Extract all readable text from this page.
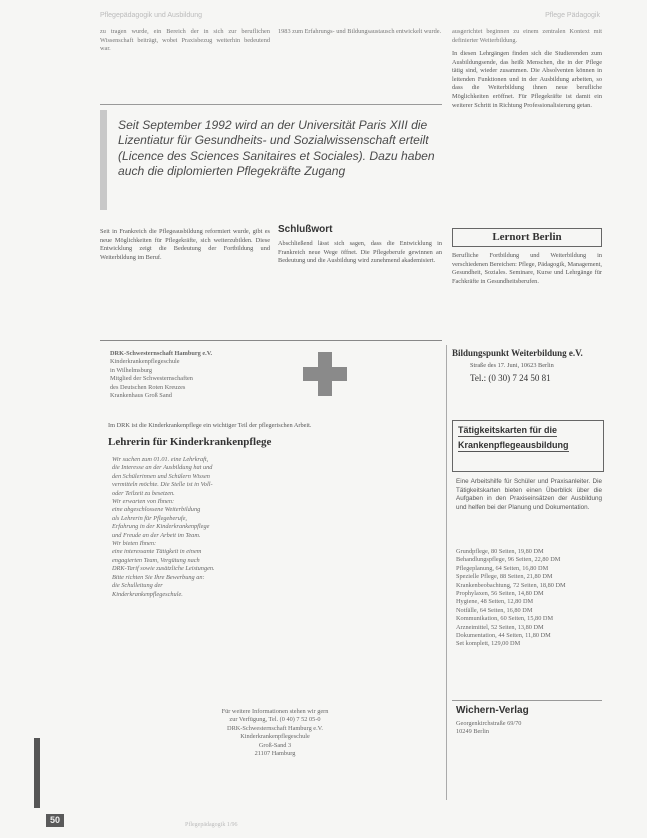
Pflegepädagogik und Ausbildung	Pflege Pädagogik

zu tragen wurde, ein Bereich der in sich zur beruflichen Wissenschaft beiträgt, wobei Praxisbezug weiterhin bedeutend war.

1983 zum Erfahrungs- und Bildungsaustausch entwickelt wurde. ausgerichtet beginnen zu einem zentralen Kontext mit definierter Weiterbildung.

In diesen Lehrgängen finden sich die Studierenden zum Ausbildungsende, das heißt Menschen, die in der Pflege tätig sind, wieder zusammen. Die Absolventen können in leitenden Funktionen und in der Ausbildung arbeiten, so dass die Weiterbildung ihnen neue berufliche Möglichkeiten eröffnet. Für Pflegekräfte ist damit ein weiterer Schritt in Richtung Professionalisierung getan.

Seit September 1992 wird an der Universität Paris XIII die Lizentiatur für Gesundheits- und Sozialwissenschaft erteilt (Licence des Sciences Sanitaires et Sociales). Dazu haben auch die diplomierten Pflegekräfte Zugang

Seit in Frankreich die Pflegeausbildung reformiert wurde, gibt es neue Möglichkeiten für Pflegekräfte, sich weiterzubilden. Diese Entwicklung zeigt die Bedeutung der Fortbildung und Weiterbildung im Beruf.

Schlußwort

Abschließend lässt sich sagen, dass die Entwicklung in Frankreich neue Wege öffnet. Die Pflegeberufe gewinnen an Bedeutung und die Ausbildung wird zunehmend akademisiert.

Lernort Berlin

Berufliche Fortbildung und Weiterbildung in verschiedenen Bereichen: Pflege, Pädagogik, Management, Gesundheit, Soziales. Seminare, Kurse und Lehrgänge für Fachkräfte in Gesundheitsberufen.

Bildungspunkt Weiterbildung e.V.
Straße des 17. Juni, 10623 Berlin
Tel.: (0 30) 7 24 50 81
DRK-Schwesternschaft Hamburg e.V.
Kinderkrankenpflegeschule
in Wilhelmsburg
Mitglied der Schwesternschaften
des Deutschen Roten Kreuzes
Krankenhaus Groß Sand
Im DRK ist die Kinderkrankenpflege ein wichtiger Teil der pflegerischen Arbeit.
Lehrerin für Kinderkrankenpflege
Wir suchen zum 01.01. eine Lehrkraft,
die Interesse an der Ausbildung hat und
den Schülerinnen und Schülern Wissen
vermitteln möchte. Die Stelle ist in Voll-
oder Teilzeit zu besetzen.
Wir erwarten von Ihnen:
eine abgeschlossene Weiterbildung
als Lehrerin für Pflegeberufe,
Erfahrung in der Kinderkrankenpflege
und Freude an der Arbeit im Team.
Wir bieten Ihnen:
eine interessante Tätigkeit in einem
engagierten Team, Vergütung nach
DRK-Tarif sowie zusätzliche Leistungen.
Bitte richten Sie Ihre Bewerbung an:
die Schulleitung der
Kinderkrankenpflegeschule.
Für weitere Informationen stehen wir gern
zur Verfügung, Tel. (0 40) 7 52 05-0
DRK-Schwesternschaft Hamburg e.V.
Kinderkrankenpflegeschule
Groß-Sand 3
21107 Hamburg
Tätigkeitskarten für die
Krankenpflegeausbildung

Eine Arbeitshilfe für Schüler und Praxisanleiter. Die Tätigkeitskarten bieten einen Überblick über die Aufgaben in den Praxiseinsätzen der Ausbildung und helfen bei der Planung und Dokumentation.

Grundpflege, 80 Seiten, 19,80 DM
Behandlungspflege, 96 Seiten, 22,80 DM
Pflegeplanung, 64 Seiten, 16,80 DM
Spezielle Pflege, 88 Seiten, 21,80 DM
Krankenbeobachtung, 72 Seiten, 18,80 DM
Prophylaxen, 56 Seiten, 14,80 DM
Hygiene, 48 Seiten, 12,80 DM
Notfälle, 64 Seiten, 16,80 DM
Kommunikation, 60 Seiten, 15,80 DM
Arzneimittel, 52 Seiten, 13,80 DM
Dokumentation, 44 Seiten, 11,80 DM
Set komplett, 129,00 DM
Wichern-Verlag
Georgenkirchstraße 69/70
10249 Berlin
50	Pflegepädagogik 1/96
